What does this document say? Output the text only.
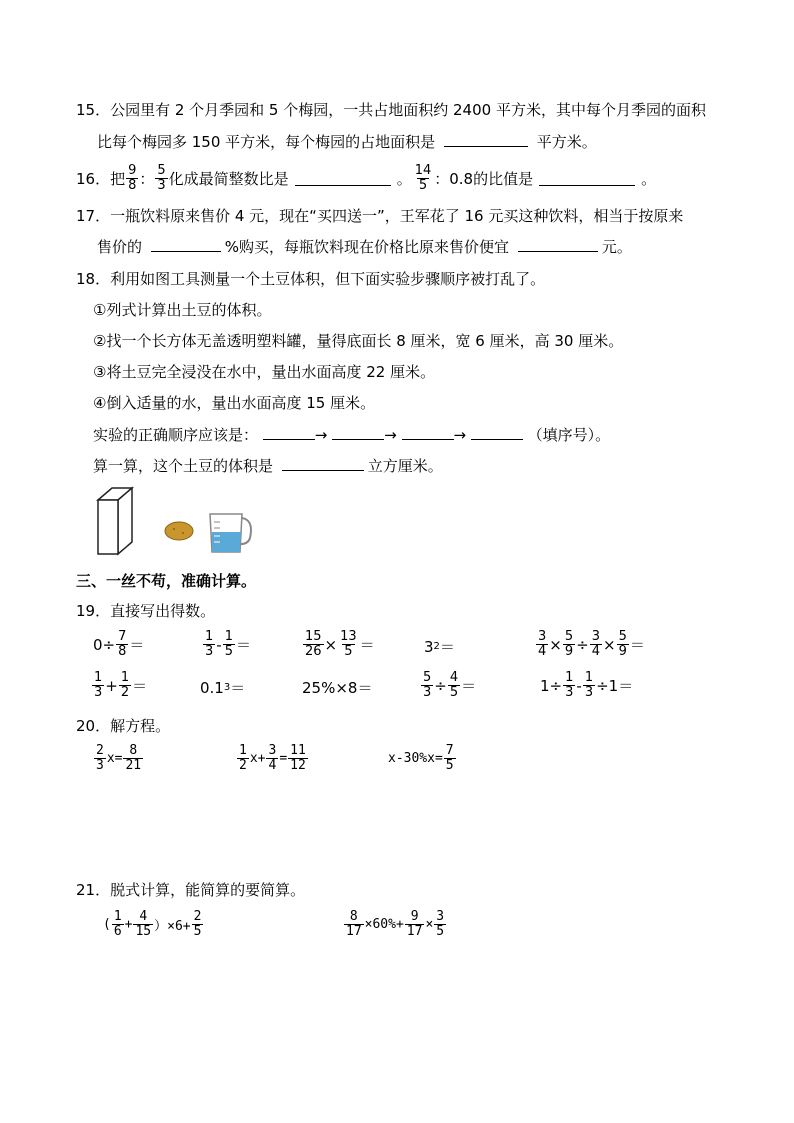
15．公园里有 2 个月季园和 5 个梅园，一共占地面积约 2400 平方米，其中每个月季园的面积
比每个梅园多 150 平方米，每个梅园的占地面积是	平方米。
16．把 $\frac{9}{8}$ ： $\frac{5}{3}$ 化成最简整数比是	。 $\frac{14}{5}$ ：0.8的比值是	。
17．一瓶饮料原来售价 4 元，现在“买四送一”，王军花了 16 元买这种饮料，相当于按原来
售价的	%购买，每瓶饮料现在价格比原来售价便宜	元。
18．利用如图工具测量一个土豆体积，但下面实验步骤顺序被打乱了。
①列式计算出土豆的体积。
②找一个长方体无盖透明塑料罐，量得底面长 8 厘米，宽 6 厘米，高 30 厘米。
③将土豆完全浸没在水中，量出水面高度 22 厘米。
④倒入适量的水，量出水面高度 15 厘米。
实验的正确顺序应该是：	→	→	→	（填序号）。
算一算，这个土豆的体积是	立方厘米。
三、一丝不苟，准确计算。
19．直接写出得数。
$0\div \frac{7}{8}$ ＝	$\frac{1}{3} - \frac{1}{5}$ ＝	$\frac{15}{26} \times \frac{13}{5}$ ＝	3 2 ＝	$\frac{3}{4} \times \frac{5}{9} \div \frac{3}{4} \times \frac{5}{9}$ ＝
$\frac{1}{3} + \frac{1}{2}$ ＝	0.1 3 ＝	25%×8＝	$\frac{5}{3} \div \frac{4}{5}$ ＝	$1\div \frac{1}{3} - \frac{1}{3} \div 1=$
20．解方程。
$\frac{2}{3} x= \frac{8}{21}$	$\frac{1}{2} x+ \frac{3}{4} = \frac{11}{12}$	$x-30\%x= \frac{7}{5}$
21．脱式计算，能简算的要简算。
( $\frac{1}{6} + \frac{4}{15} )\times 6+ \frac{2}{5}$	$\frac{8}{17} \times 60\%+ \frac{9}{17} \times \frac{3}{5}$
